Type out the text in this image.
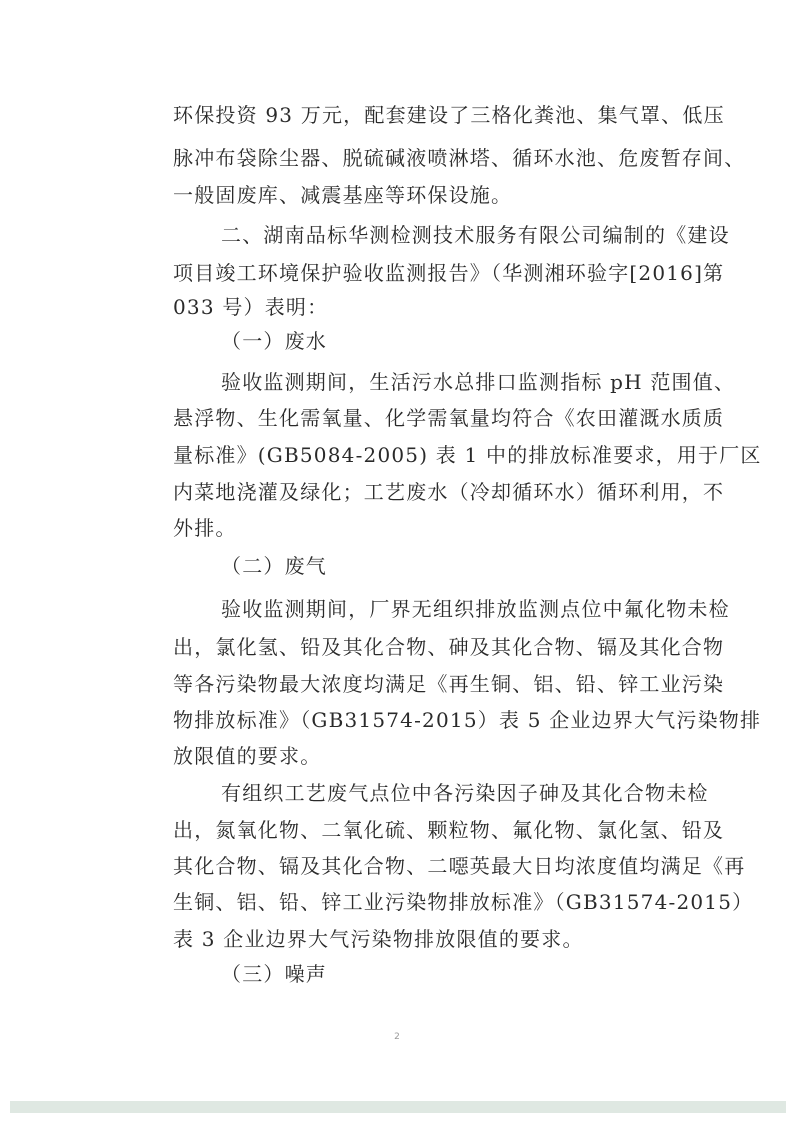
环保投资 93 万元，配套建设了三格化粪池、集气罩、低压

脉冲布袋除尘器、脱硫碱液喷淋塔、循环水池、危废暂存间、

一般固废库、减震基座等环保设施。

二、湖南品标华测检测技术服务有限公司编制的《建设

项目竣工环境保护验收监测报告》（华测湘环验字[2016]第

033 号）表明：

（一）废水

验收监测期间，生活污水总排口监测指标 pH 范围值、

悬浮物、生化需氧量、化学需氧量均符合《农田灌溉水质质

量标准》(GB5084-2005) 表 1 中的排放标准要求，用于厂区

内菜地浇灌及绿化；工艺废水（冷却循环水）循环利用，不

外排。

（二）废气

验收监测期间，厂界无组织排放监测点位中氟化物未检

出，氯化氢、铅及其化合物、砷及其化合物、镉及其化合物

等各污染物最大浓度均满足《再生铜、铝、铅、锌工业污染

物排放标准》（GB31574-2015）表 5 企业边界大气污染物排

放限值的要求。

有组织工艺废气点位中各污染因子砷及其化合物未检

出，氮氧化物、二氧化硫、颗粒物、氟化物、氯化氢、铅及

其化合物、镉及其化合物、二噁英最大日均浓度值均满足《再

生铜、铝、铅、锌工业污染物排放标准》（GB31574-2015）

表 3 企业边界大气污染物排放限值的要求。

（三）噪声

2
